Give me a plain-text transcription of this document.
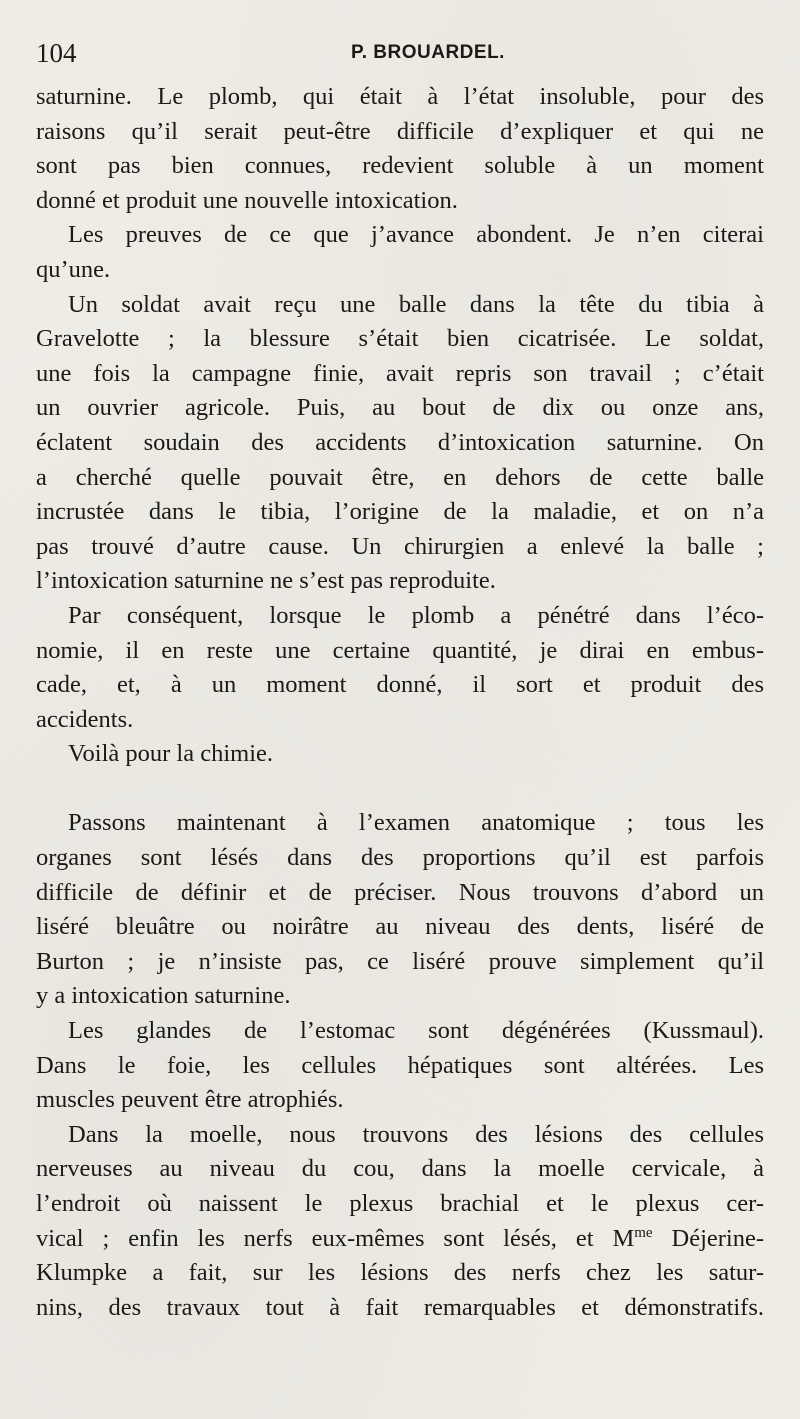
104	P. BROUARDEL.
saturnine. Le plomb, qui était à l’état insoluble, pour des
raisons qu’il serait peut-être difficile d’expliquer et qui ne
sont pas bien connues, redevient soluble à un moment
donné et produit une nouvelle intoxication.
Les preuves de ce que j’avance abondent. Je n’en citerai
qu’une.
Un soldat avait reçu une balle dans la tête du tibia à
Gravelotte ; la blessure s’était bien cicatrisée. Le soldat,
une fois la campagne finie, avait repris son travail ; c’était
un ouvrier agricole. Puis, au bout de dix ou onze ans,
éclatent soudain des accidents d’intoxication saturnine. On
a cherché quelle pouvait être, en dehors de cette balle
incrustée dans le tibia, l’origine de la maladie, et on n’a
pas trouvé d’autre cause. Un chirurgien a enlevé la balle ;
l’intoxication saturnine ne s’est pas reproduite.
Par conséquent, lorsque le plomb a pénétré dans l’éco-
nomie, il en reste une certaine quantité, je dirai en embus-
cade, et, à un moment donné, il sort et produit des
accidents.
Voilà pour la chimie.
Passons maintenant à l’examen anatomique ; tous les
organes sont lésés dans des proportions qu’il est parfois
difficile de définir et de préciser. Nous trouvons d’abord un
liséré bleuâtre ou noirâtre au niveau des dents, liséré de
Burton ; je n’insiste pas, ce liséré prouve simplement qu’il
y a intoxication saturnine.
Les glandes de l’estomac sont dégénérées (Kussmaul).
Dans le foie, les cellules hépatiques sont altérées. Les
muscles peuvent être atrophiés.
Dans la moelle, nous trouvons des lésions des cellules
nerveuses au niveau du cou, dans la moelle cervicale, à
l’endroit où naissent le plexus brachial et le plexus cer-
vical ; enfin les nerfs eux-mêmes sont lésés, et $M^{me}$ Déjerine-
Klumpke a fait, sur les lésions des nerfs chez les satur-
nins, des travaux tout à fait remarquables et démonstratifs.
